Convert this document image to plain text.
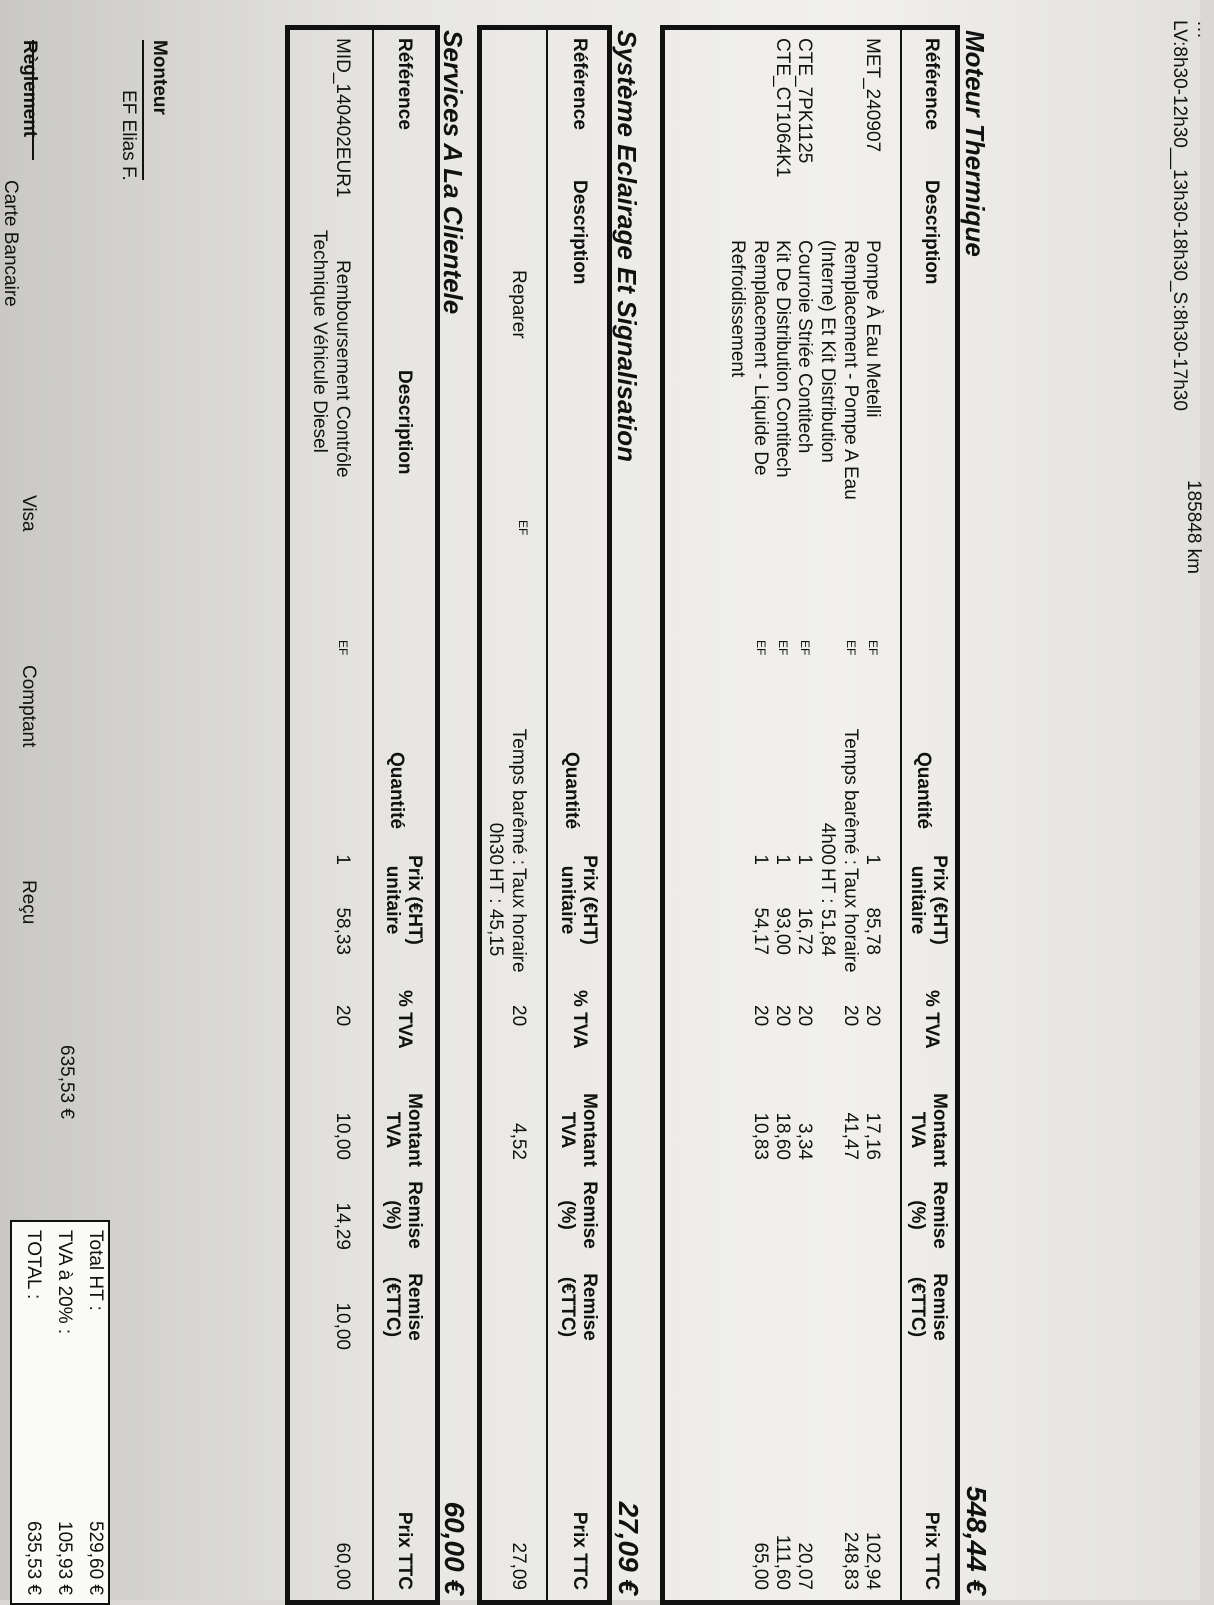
…
LV:8h30-12h30__13h30-18h30_S:8h30-17h30
185848 km
Moteur Thermique
548,44 €
Référence
Description
Quantité
Prix (€HT)
unitaire
% TVA
Montant
TVA
Remise
(%)
Remise
(€TTC)
Prix TTC
MET_240907
Pompe À Eau Metelli
EF
1
85,78
20
17,16
102,94
Remplacement - Pompe A Eau
(Interne) Et Kit Distribution
EF
Temps barêmé :
4h00
Taux horaire
HT : 51,84
20
41,47
248,83
CTE_7PK1125
Courroie Striée Contitech
EF
1
16,72
20
3,34
20,07
CTE_CT1064K1
Kit De Distribution Contitech
EF
1
93,00
20
18,60
111,60
Remplacement - Liquide De
Refroidissement
EF
1
54,17
20
10,83
65,00
Système Eclairage Et Signalisation
27,09 €
Référence
Description
Quantité
Prix (€HT)
unitaire
% TVA
Montant
TVA
Remise
(%)
Remise
(€TTC)
Prix TTC
Reparer
EF
Temps barêmé :
0h30
Taux horaire
HT : 45,15
20
4,52
27,09
Services A La Clientele
60,00 €
Référence
Description
Quantité
Prix (€HT)
unitaire
% TVA
Montant
TVA
Remise
(%)
Remise
(€TTC)
Prix TTC
MID_140402EUR1
Remboursement Contrôle
Technique Véhicule Diesel
EF
1
58,33
20
10,00
14,29
10,00
60,00
Monteur
EF Elias F.
Règlement
Carte Bancaire
Visa
Comptant
Reçu
635,53 €
Total HT :
529,60 €
TVA à 20% :
105,93 €
TOTAL :
635,53 €
